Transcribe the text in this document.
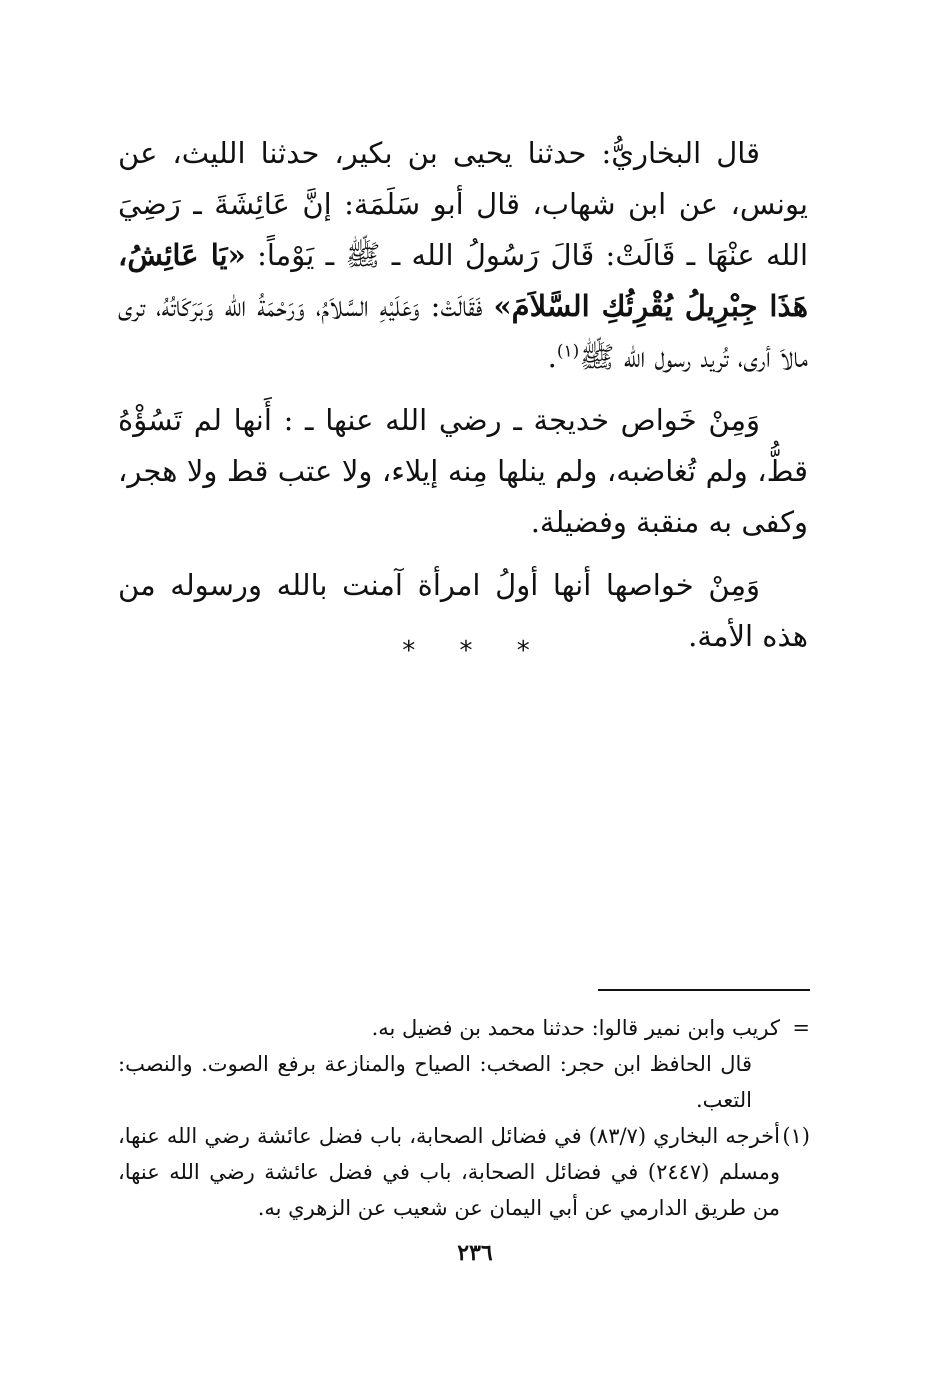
قال البخاريُّ: حدثنا يحيى بن بكير، حدثنا الليث، عن يونس، عن ابن شهاب، قال أبو سَلَمَة: إنَّ عَائِشَةَ ـ رَضِيَ الله عنْهَا ـ قَالَتْ: قَالَ رَسُولُ الله ـ ﷺ ـ يَوْماً: «يَا عَائِشُ، هَذَا جِبْرِيلُ يُقْرِئُكِ السَّلاَمَ» فَقَالَتْ: وَعَلَيْهِ السَّلاَمُ، وَرَحْمَةُ الله وَبَرَكَاتُهُ، ترى مالاَ أرى، تُريد رسول الله ﷺ$^{(١)}$.

وَمِنْ خَواص خديجة ـ رضي الله عنها ـ : أَنها لم تَسُؤْهُ قطُّ، ولم تُغاضبه، ولم ينلها مِنه إيلاء، ولا عتب قط ولا هجر، وكفى به منقبة وفضيلة.

وَمِنْ خواصها أنها أولُ امرأة آمنت بالله ورسوله من هذه الأمة.

* * *

=
كريب وابن نمير قالوا: حدثنا محمد بن فضيل به.

قال الحافظ ابن حجر: الصخب: الصياح والمنازعة برفع الصوت. والنصب: التعب.

(١)
أخرجه البخاري (٨٣/٧) في فضائل الصحابة، باب فضل عائشة رضي الله عنها، ومسلم (٢٤٤٧) في فضائل الصحابة، باب في فضل عائشة رضي الله عنها، من طريق الدارمي عن أبي اليمان عن شعيب عن الزهري به.

٢٣٦
